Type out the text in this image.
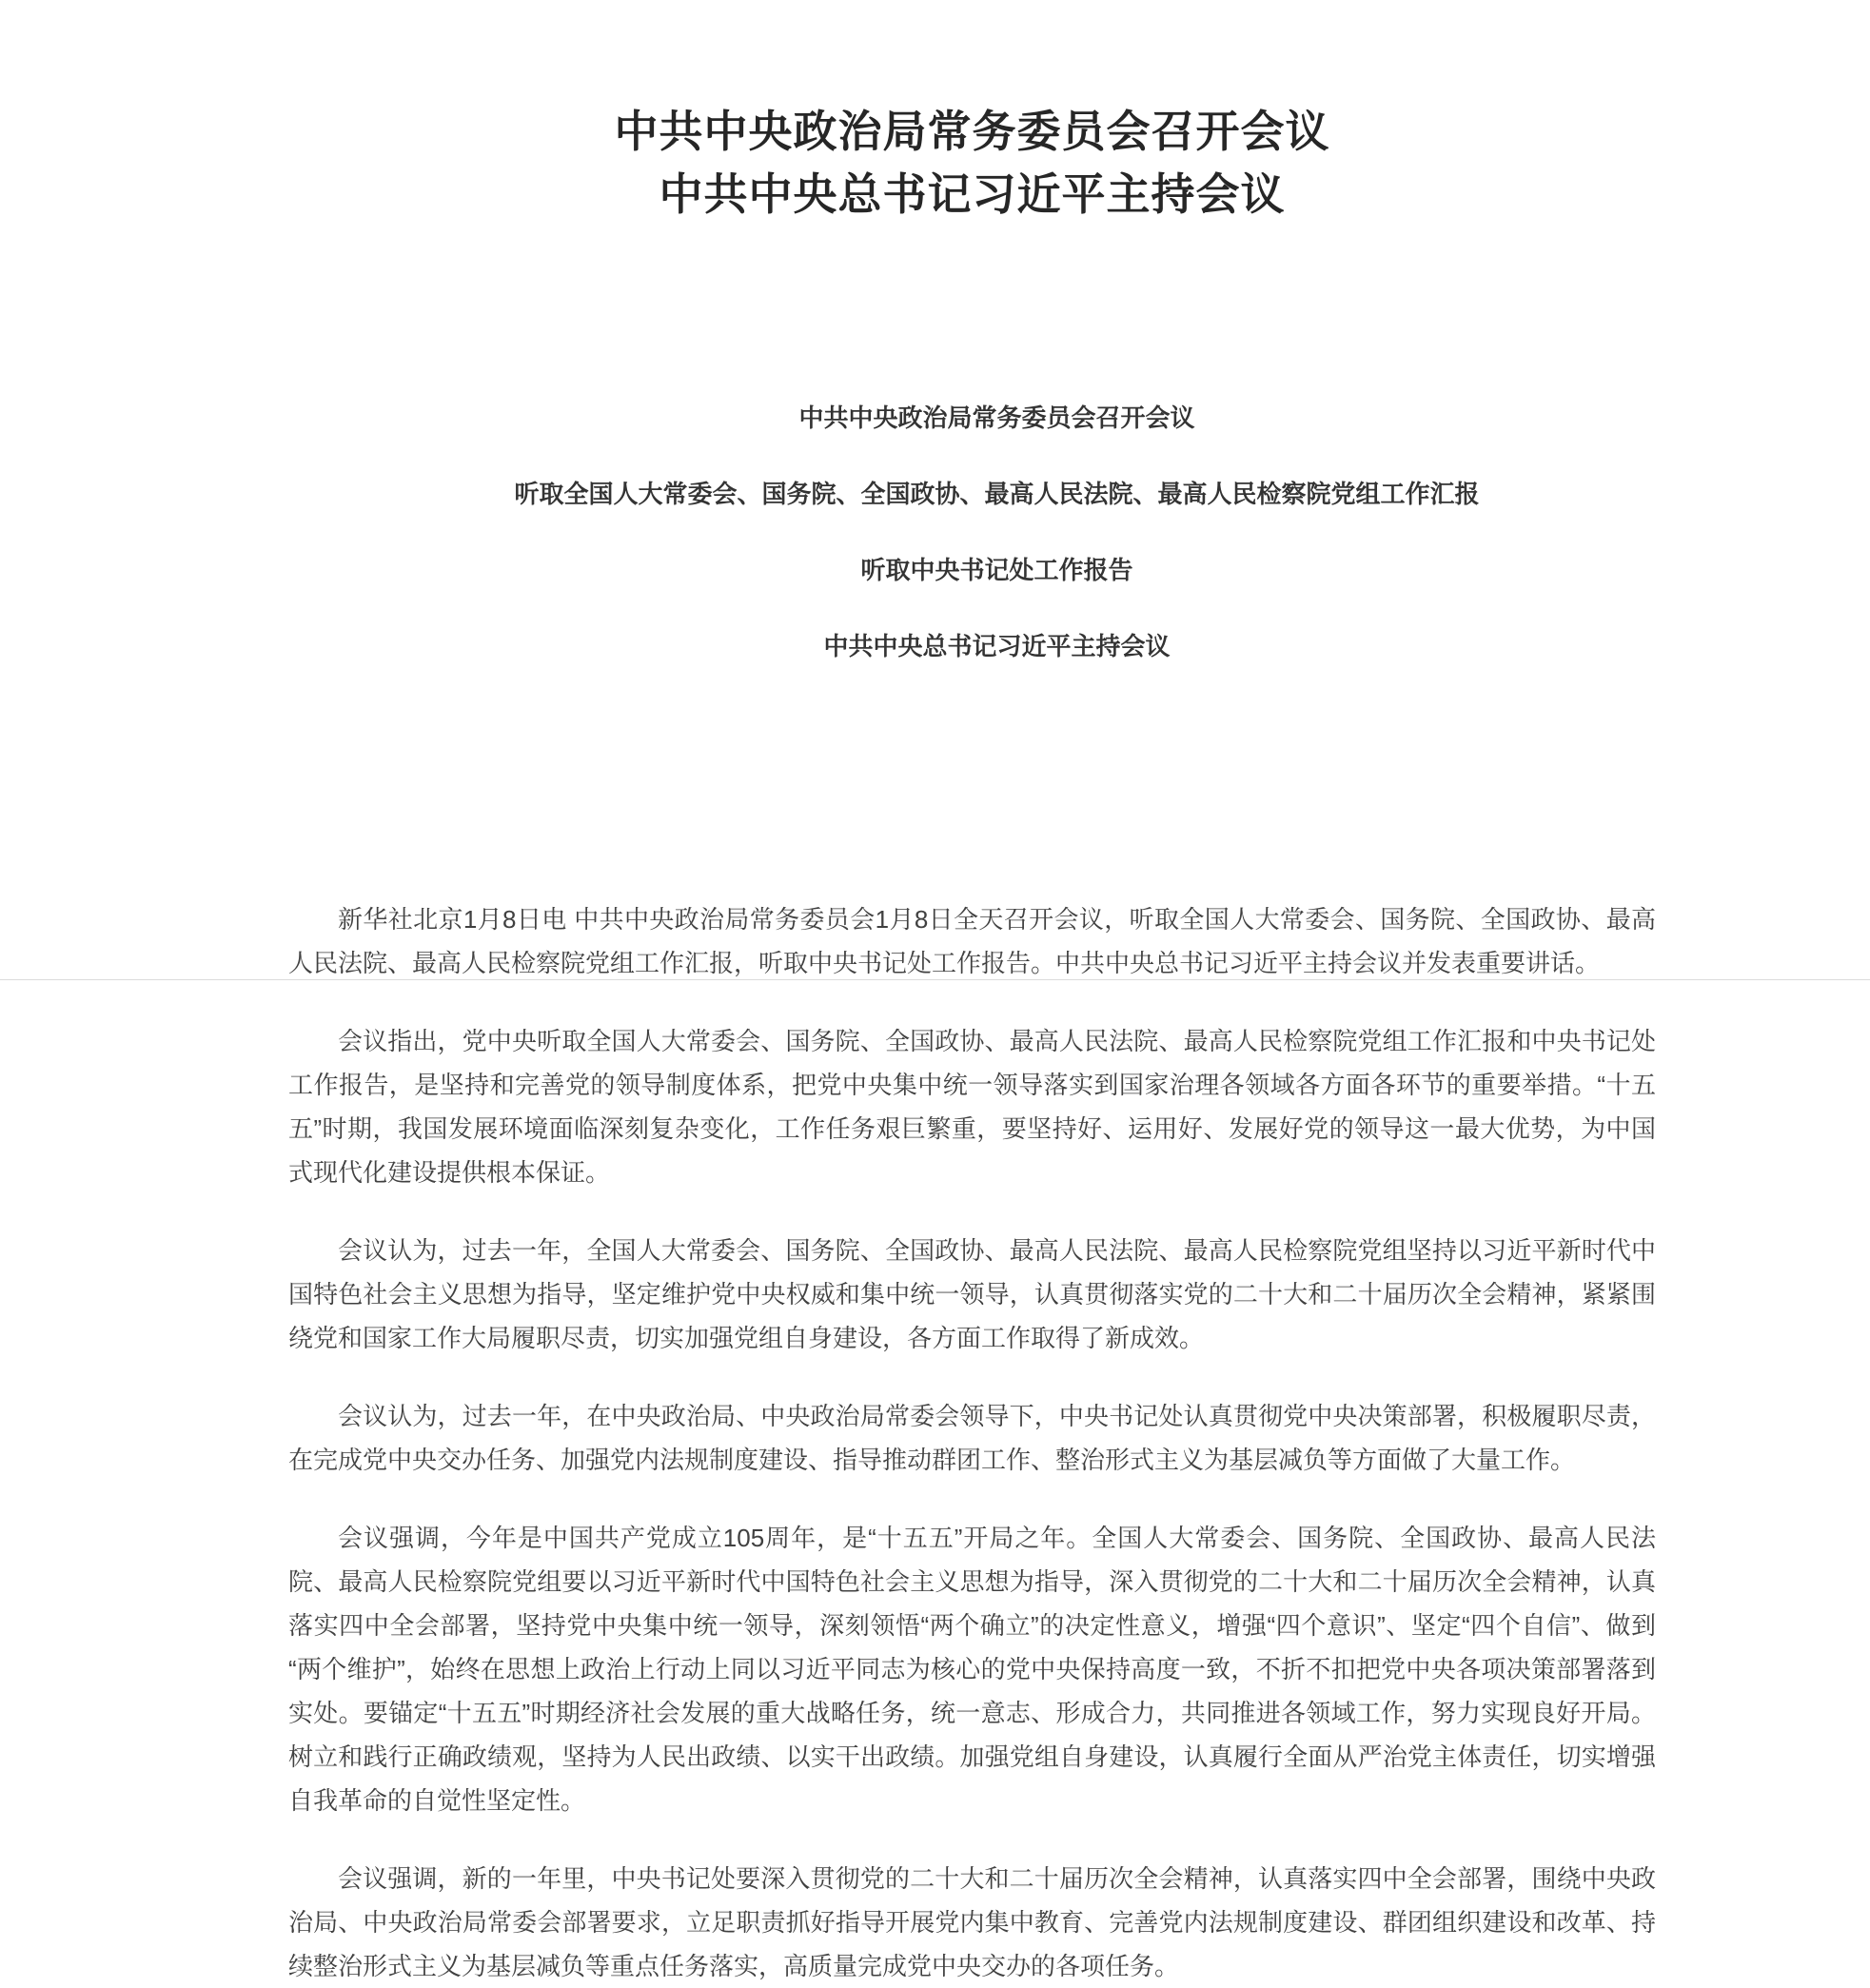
中共中央政治局常务委员会召开会议
中共中央总书记习近平主持会议

中共中央政治局常务委员会召开会议

听取全国人大常委会、国务院、全国政协、最高人民法院、最高人民检察院党组工作汇报

听取中央书记处工作报告

中共中央总书记习近平主持会议

新华社北京1月8日电 中共中央政治局常务委员会1月8日全天召开会议，听取全国人大常委会、国务院、全国政协、最高人民法院、最高人民检察院党组工作汇报，听取中央书记处工作报告。中共中央总书记习近平主持会议并发表重要讲话。

会议指出，党中央听取全国人大常委会、国务院、全国政协、最高人民法院、最高人民检察院党组工作汇报和中央书记处工作报告，是坚持和完善党的领导制度体系，把党中央集中统一领导落实到国家治理各领域各方面各环节的重要举措。“十五五”时期，我国发展环境面临深刻复杂变化，工作任务艰巨繁重，要坚持好、运用好、发展好党的领导这一最大优势，为中国式现代化建设提供根本保证。

会议认为，过去一年，全国人大常委会、国务院、全国政协、最高人民法院、最高人民检察院党组坚持以习近平新时代中国特色社会主义思想为指导，坚定维护党中央权威和集中统一领导，认真贯彻落实党的二十大和二十届历次全会精神，紧紧围绕党和国家工作大局履职尽责，切实加强党组自身建设，各方面工作取得了新成效。

会议认为，过去一年，在中央政治局、中央政治局常委会领导下，中央书记处认真贯彻党中央决策部署，积极履职尽责，在完成党中央交办任务、加强党内法规制度建设、指导推动群团工作、整治形式主义为基层减负等方面做了大量工作。

会议强调，今年是中国共产党成立105周年，是“十五五”开局之年。全国人大常委会、国务院、全国政协、最高人民法院、最高人民检察院党组要以习近平新时代中国特色社会主义思想为指导，深入贯彻党的二十大和二十届历次全会精神，认真落实四中全会部署，坚持党中央集中统一领导，深刻领悟“两个确立”的决定性意义，增强“四个意识”、坚定“四个自信”、做到“两个维护”，始终在思想上政治上行动上同以习近平同志为核心的党中央保持高度一致，不折不扣把党中央各项决策部署落到实处。要锚定“十五五”时期经济社会发展的重大战略任务，统一意志、形成合力，共同推进各领域工作，努力实现良好开局。树立和践行正确政绩观，坚持为人民出政绩、以实干出政绩。加强党组自身建设，认真履行全面从严治党主体责任，切实增强自我革命的自觉性坚定性。

会议强调，新的一年里，中央书记处要深入贯彻党的二十大和二十届历次全会精神，认真落实四中全会部署，围绕中央政治局、中央政治局常委会部署要求，立足职责抓好指导开展党内集中教育、完善党内法规制度建设、群团组织建设和改革、持续整治形式主义为基层减负等重点任务落实，高质量完成党中央交办的各项任务。
